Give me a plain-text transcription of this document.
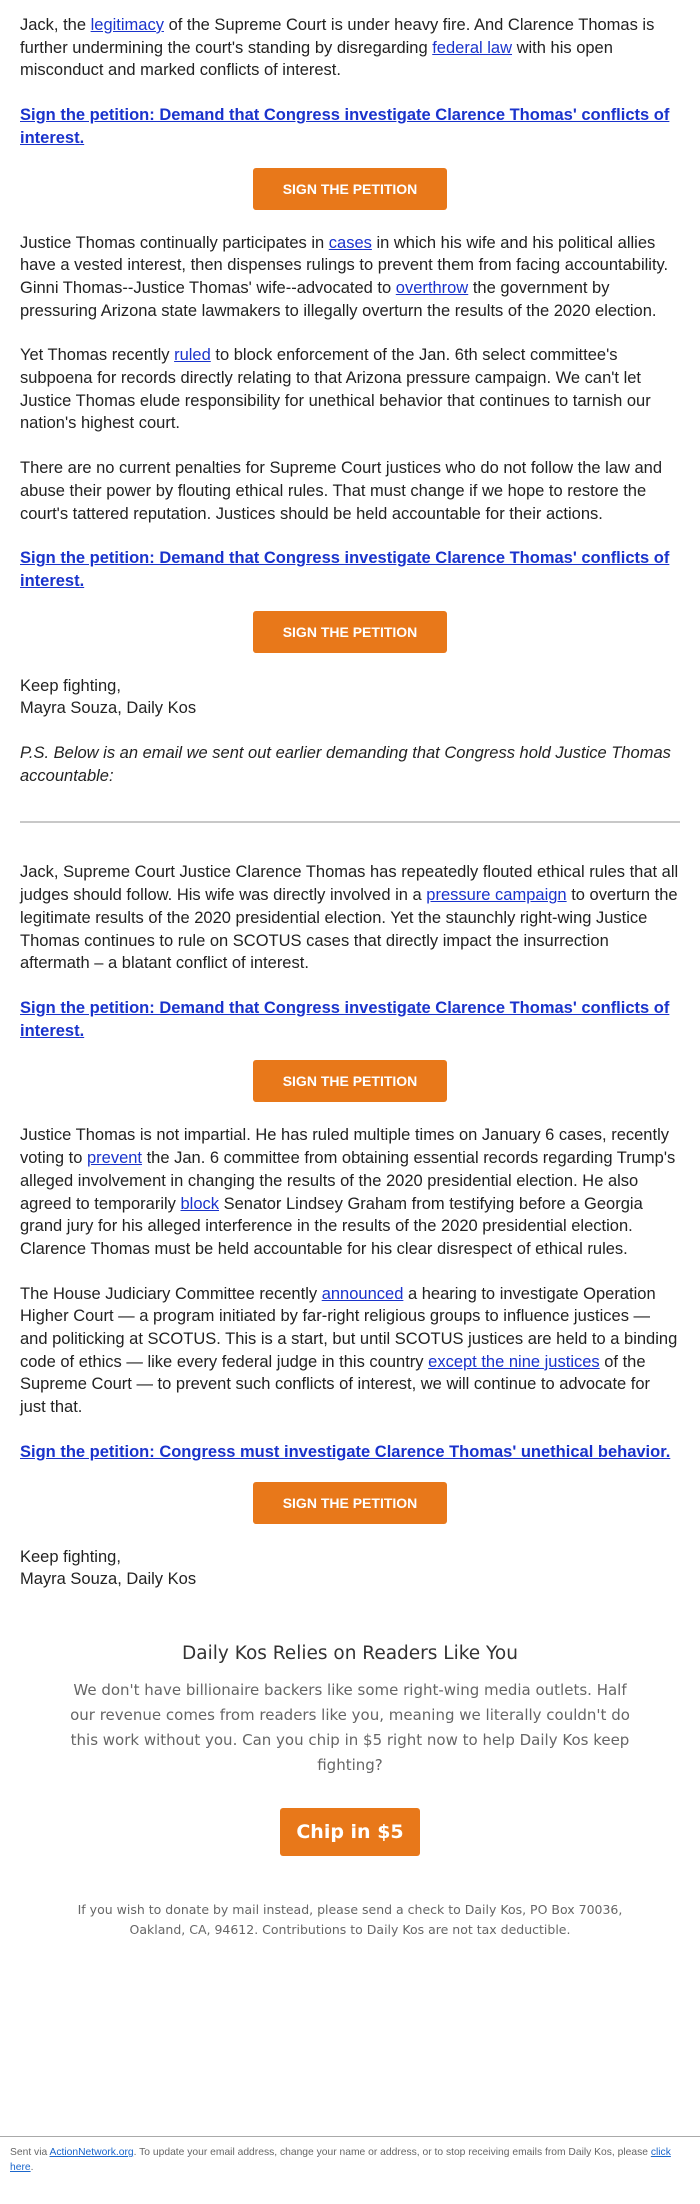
Jack, the legitimacy of the Supreme Court is under heavy fire. And Clarence Thomas is further undermining the court's standing by disregarding federal law with his open misconduct and marked conflicts of interest.

Sign the petition: Demand that Congress investigate Clarence Thomas' conflicts of interest.
SIGN THE PETITION

Justice Thomas continually participates in cases in which his wife and his political allies have a vested interest, then dispenses rulings to prevent them from facing accountability. Ginni Thomas--Justice Thomas' wife--advocated to overthrow the government by pressuring Arizona state lawmakers to illegally overturn the results of the 2020 election.

Yet Thomas recently ruled to block enforcement of the Jan. 6th select committee's subpoena for records directly relating to that Arizona pressure campaign. We can't let Justice Thomas elude responsibility for unethical behavior that continues to tarnish our nation's highest court.

There are no current penalties for Supreme Court justices who do not follow the law and abuse their power by flouting ethical rules. That must change if we hope to restore the court's tattered reputation. Justices should be held accountable for their actions.

Sign the petition: Demand that Congress investigate Clarence Thomas' conflicts of interest.
SIGN THE PETITION

Keep fighting,
Mayra Souza, Daily Kos

P.S. Below is an email we sent out earlier demanding that Congress hold Justice Thomas accountable:

Jack, Supreme Court Justice Clarence Thomas has repeatedly flouted ethical rules that all judges should follow. His wife was directly involved in a pressure campaign to overturn the legitimate results of the 2020 presidential election. Yet the staunchly right-wing Justice Thomas continues to rule on SCOTUS cases that directly impact the insurrection aftermath – a blatant conflict of interest.

Sign the petition: Demand that Congress investigate Clarence Thomas' conflicts of interest.
SIGN THE PETITION

Justice Thomas is not impartial. He has ruled multiple times on January 6 cases, recently voting to prevent the Jan. 6 committee from obtaining essential records regarding Trump's alleged involvement in changing the results of the 2020 presidential election. He also agreed to temporarily block Senator Lindsey Graham from testifying before a Georgia grand jury for his alleged interference in the results of the 2020 presidential election. Clarence Thomas must be held accountable for his clear disrespect of ethical rules.

The House Judiciary Committee recently announced a hearing to investigate Operation Higher Court — a program initiated by far-right religious groups to influence justices — and politicking at SCOTUS. This is a start, but until SCOTUS justices are held to a binding code of ethics — like every federal judge in this country except the nine justices of the Supreme Court — to prevent such conflicts of interest, we will continue to advocate for just that.

Sign the petition: Congress must investigate Clarence Thomas' unethical behavior.
SIGN THE PETITION

Keep fighting,
Mayra Souza, Daily Kos

Daily Kos Relies on Readers Like You
We don't have billionaire backers like some right-wing media outlets. Half our revenue comes from readers like you, meaning we literally couldn't do this work without you. Can you chip in $5 right now to help Daily Kos keep fighting?
Chip in $5
If you wish to donate by mail instead, please send a check to Daily Kos, PO Box 70036, Oakland, CA, 94612. Contributions to Daily Kos are not tax deductible.
Sent via ActionNetwork.org. To update your email address, change your name or address, or to stop receiving emails from Daily Kos, please click here.
